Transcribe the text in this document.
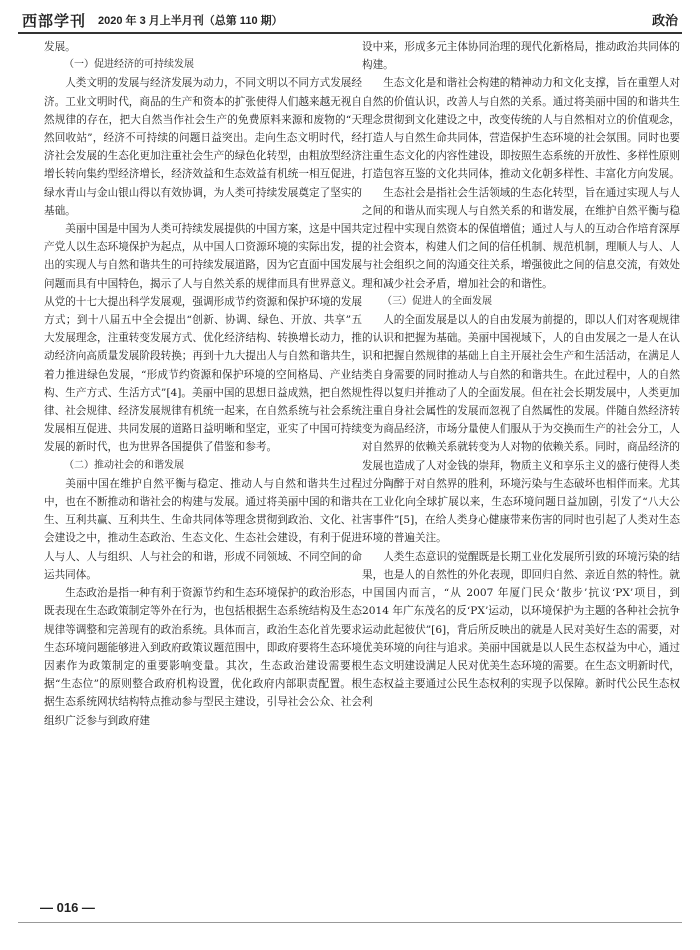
西部学刊 2020 年 3 月上半月刊（总第 110 期）	政治

发展。

（一）促进经济的可持续发展

人类文明的发展与经济发展为动力，不同文明以不同方式发展经济。工业文明时代，商品的生产和资本的扩张使得人们越来越无视自然规律的存在，把大自然当作社会生产的免费原料来源和废物的“天然回收站”，经济不可持续的问题日益突出。走向生态文明时代，经济社会发展的生态化更加注重社会生产的绿色化转型，由粗放型经济增长转向集约型经济增长，经济效益和生态效益有机统一相互促进，绿水青山与金山银山得以有效协调，为人类可持续发展奠定了坚实的基础。

美丽中国是中国为人类可持续发展提供的中国方案，这是中国共产党人以生态环境保护为起点，从中国人口资源环境的实际出发，提出的实现人与自然和谐共生的可持续发展道路，因为它直面中国发展问题而具有中国特色，揭示了人与自然关系的规律而具有世界意义。从党的十七大提出科学发展观，强调形成节约资源和保护环境的发展方式；到十八届五中全会提出“创新、协调、绿色、开放、共享”五大发展理念，注重转变发展方式、优化经济结构、转换增长动力，推动经济向高质量发展阶段转换；再到十九大提出人与自然和谐共生，着力推进绿色发展，“形成节约资源和保护环境的空间格局、产业结构、生产方式、生活方式”[4]。美丽中国的思想日益成熟，把自然规律、社会规律、经济发展规律有机统一起来，在自然系统与社会系统发展相互促进、共同发展的道路日益明晰和坚定，亚实了中国可持续发展的新时代，也为世界各国提供了借鉴和参考。

（二）推动社会的和谐发展

美丽中国在维护自然平衡与稳定、推动人与自然和谐共生过程中，也在不断推动和谐社会的构建与发展。通过将美丽中国的和谐共生、互利共赢、互利共生、生命共同体等理念贯彻到政治、文化、社会建设之中，推动生态政治、生态文化、生态社会建设，有利于促进人与人、人与组织、人与社会的和谐，形成不同领域、不同空间的命运共同体。

生态政治是指一种有利于资源节约和生态环境保护的政治形态，既表现在生态政策制定等外在行为，也包括根据生态系统结构及生态规律等调整和完善现有的政治系统。具体而言，政治生态化首先要求生态环境问题能够进入到政府政策议题范围中，即政府要将生态环境因素作为政策制定的重要影响变量。其次，生态政治建设需要根据“生态位”的原则整合政府机构设置，优化政府内部职责配置。根据生态系统网状结构特点推动参与型民主建设，引导社会公众、社会组织广泛参与到政府建

设中来，形成多元主体协同治理的现代化新格局，推动政治共同体的构建。

生态文化是和谐社会构建的精神动力和文化支撑，旨在重塑人对自然的价值认识，改善人与自然的关系。通过将美丽中国的和谐共生理念贯彻到文化建设之中，改变传统的人与自然相对立的价值观念，打造人与自然生命共同体，营造保护生态环境的社会氛围。同时也要注重生态文化的内容性建设，即按照生态系统的开放性、多样性原则打造包容互鉴的文化共同体，推动文化朝多样性、丰富化方向发展。

生态社会是指社会生活领域的生态化转型，旨在通过实现人与人之间的和谐从而实现人与自然关系的和谐发展，在维护自然平衡与稳定过程中实现自然资本的保值增值；通过人与人的互动合作培育深厚的社会资本，构建人们之间的信任机制、规范机制，理顺人与人、人与社会组织之间的沟通交往关系，增强彼此之间的信息交流，有效处理和减少社会矛盾，增加社会的和谐性。

（三）促进人的全面发展

人的全面发展是以人的自由发展为前提的，即以人们对客观规律的认识和把握为基础。美丽中国视域下，人的自由发展之一是人在认识和把握自然规律的基础上自主开展社会生产和生活活动，在满足人类自身需要的同时推动人与自然的和谐共生。在此过程中，人的自然性得以复归并推动了人的全面发展。但在社会长期发展中，人类更加注重自身社会属性的发展而忽视了自然属性的发展。伴随自然经济转变为商品经济，市场分量使人们服从于为交换而生产的社会分工，人对自然界的依赖关系就转变为人对物的依赖关系。同时，商品经济的发展也造成了人对金钱的崇拜，物质主义和享乐主义的盛行使得人类过分陶醉于对自然界的胜利，环境污染与生态破坏也相伴而来。尤其在工业化向全球扩展以来，生态环境问题日益加剧，引发了“八大公害事件”[5]，在给人类身心健康带来伤害的同时也引起了人类对生态环境的普遍关注。

人类生态意识的觉醒既是长期工业化发展所引致的环境污染的结果，也是人的自然性的外化表现，即回归自然、亲近自然的特性。就中国国内而言，“从 2007 年厦门民众‘散步’抗议‘PX’项目，到 2014 年广东茂名的反‘PX’运动，以环境保护为主题的各种社会抗争运动此起彼伏”[6]，背后所反映出的就是人民对美好生态的需要，对优美环境的向往与追求。美丽中国就是以人民生态权益为中心，通过生态文明建设满足人民对优美生态环境的需要。在生态文明新时代，生态权益主要通过公民生态权利的实现予以保障。新时代公民生态权利

— 016 —
